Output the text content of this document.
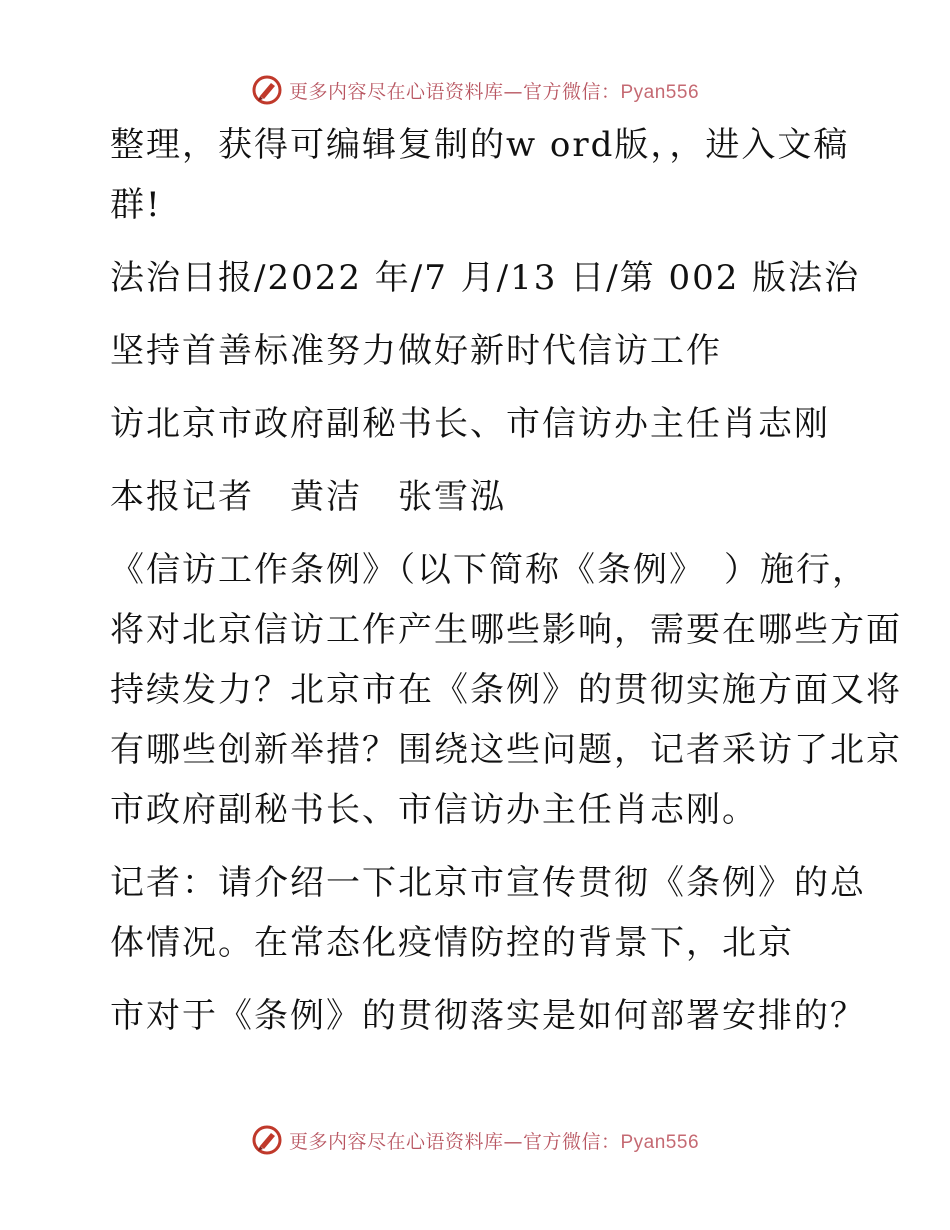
更多内容尽在心语资料库—官方微信：Pyan556
整理，获得可编辑复制的w ord版，，进入文稿
群!
法治日报/2022 年/7 月/13 日/第 002 版法治
坚持首善标准努力做好新时代信访工作
访北京市政府副秘书长、市信访办主任肖志刚
本报记者　黄洁　张雪泓
《信访工作条例》（以下简称《条例》　）施行，
将对北京信访工作产生哪些影响，需要在哪些方面
持续发力？北京市在《条例》的贯彻实施方面又将
有哪些创新举措？围绕这些问题，记者采访了北京
市政府副秘书长、市信访办主任肖志刚。
记者：请介绍一下北京市宣传贯彻《条例》的总
体情况。在常态化疫情防控的背景下，北京
市对于《条例》的贯彻落实是如何部署安排的？
更多内容尽在心语资料库—官方微信：Pyan556
